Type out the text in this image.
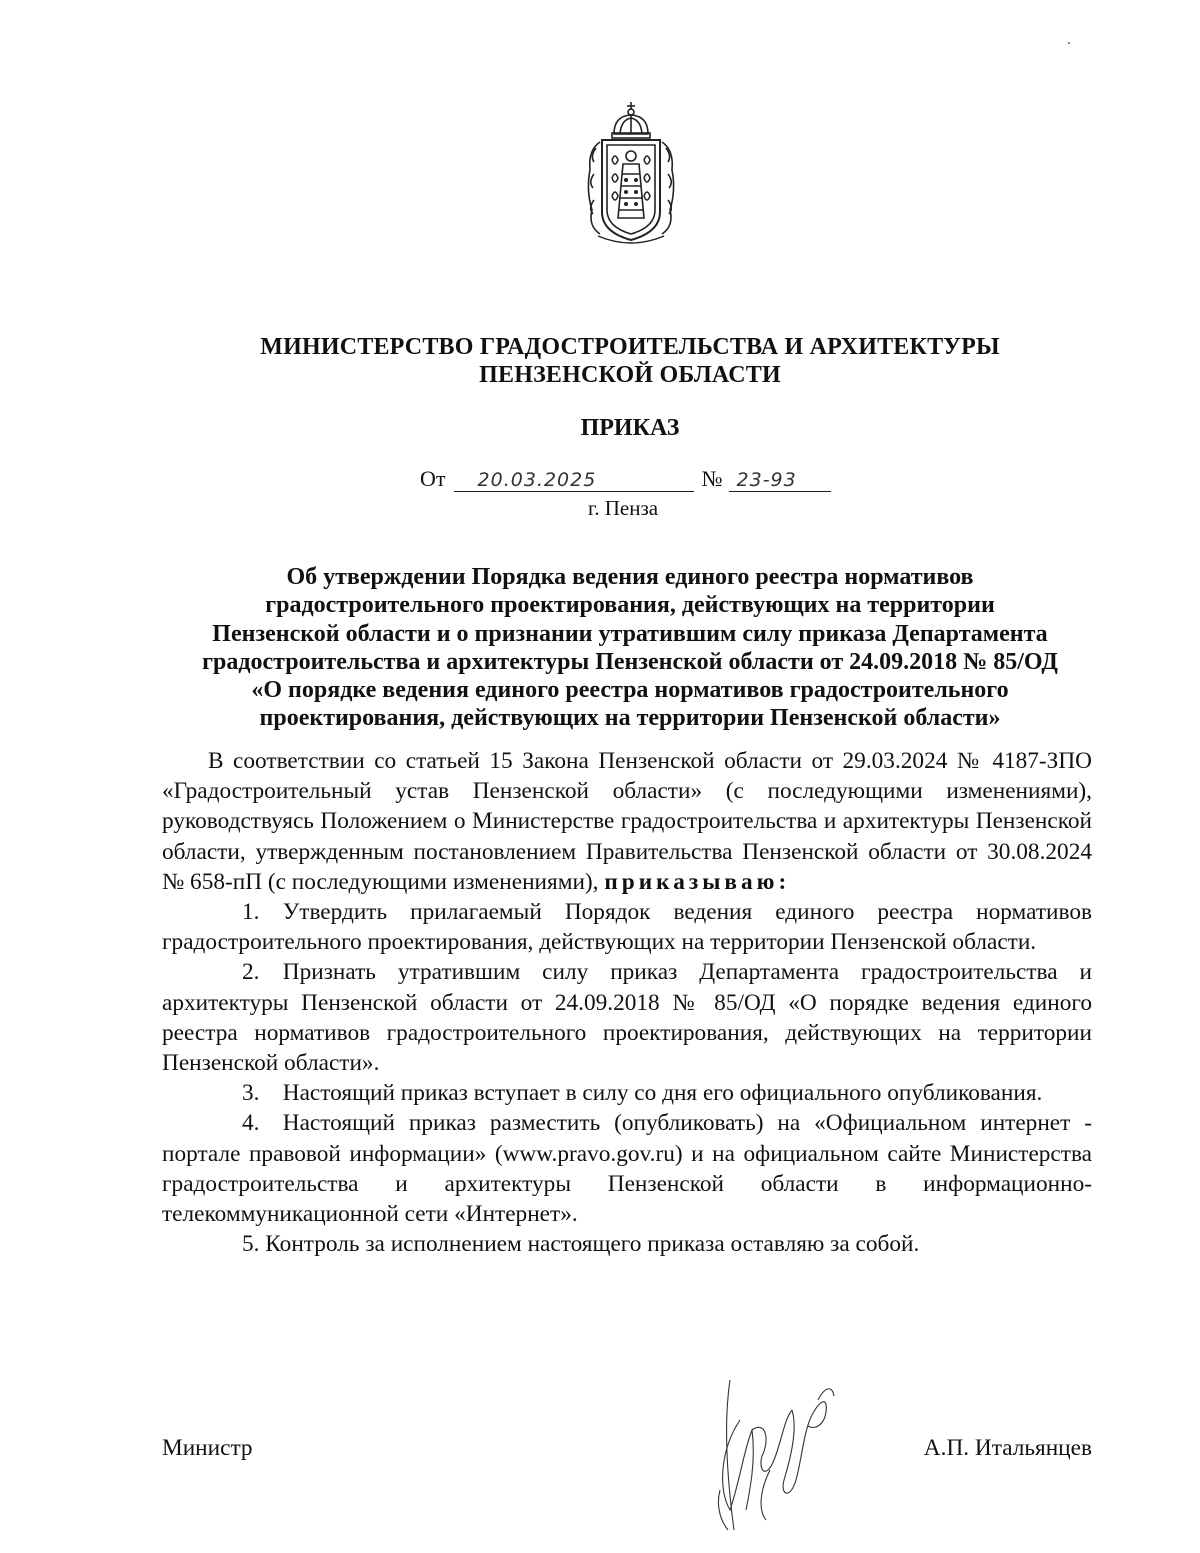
МИНИСТЕРСТВО ГРАДОСТРОИТЕЛЬСТВА И АРХИТЕКТУРЫ
ПЕНЗЕНСКОЙ ОБЛАСТИ
ПРИКАЗ
От 20.03.2025	№ 23-93
г. Пенза
Об утверждении Порядка ведения единого реестра нормативов
градостроительного проектирования, действующих на территории
Пензенской области и о признании утратившим силу приказа Департамента
градостроительства и архитектуры Пензенской области от 24.09.2018 № 85/ОД
«О порядке ведения единого реестра нормативов градостроительного
проектирования, действующих на территории Пензенской области»

В соответствии со статьей 15 Закона Пензенской области от 29.03.2024 № 4187-ЗПО «Градостроительный устав Пензенской области» (с последующими изменениями), руководствуясь Положением о Министерстве градостроительства и архитектуры Пензенской области, утвержденным постановлением Правительства Пензенской области от 30.08.2024 № 658-пП (с последующими изменениями), приказываю:

1. Утвердить прилагаемый Порядок ведения единого реестра нормативов градостроительного проектирования, действующих на территории Пензенской области.

2. Признать утратившим силу приказ Департамента градостроительства и архитектуры Пензенской области от 24.09.2018 № 85/ОД «О порядке ведения единого реестра нормативов градостроительного проектирования, действующих на территории Пензенской области».

3. Настоящий приказ вступает в силу со дня его официального опубликования.

4. Настоящий приказ разместить (опубликовать) на «Официальном интернет - портале правовой информации» (www.pravo.gov.ru) и на официальном сайте Министерства градостроительства и архитектуры Пензенской области в информационно-телекоммуникационной сети «Интернет».

5. Контроль за исполнением настоящего приказа оставляю за собой.

Министр	А.П. Итальянцев
